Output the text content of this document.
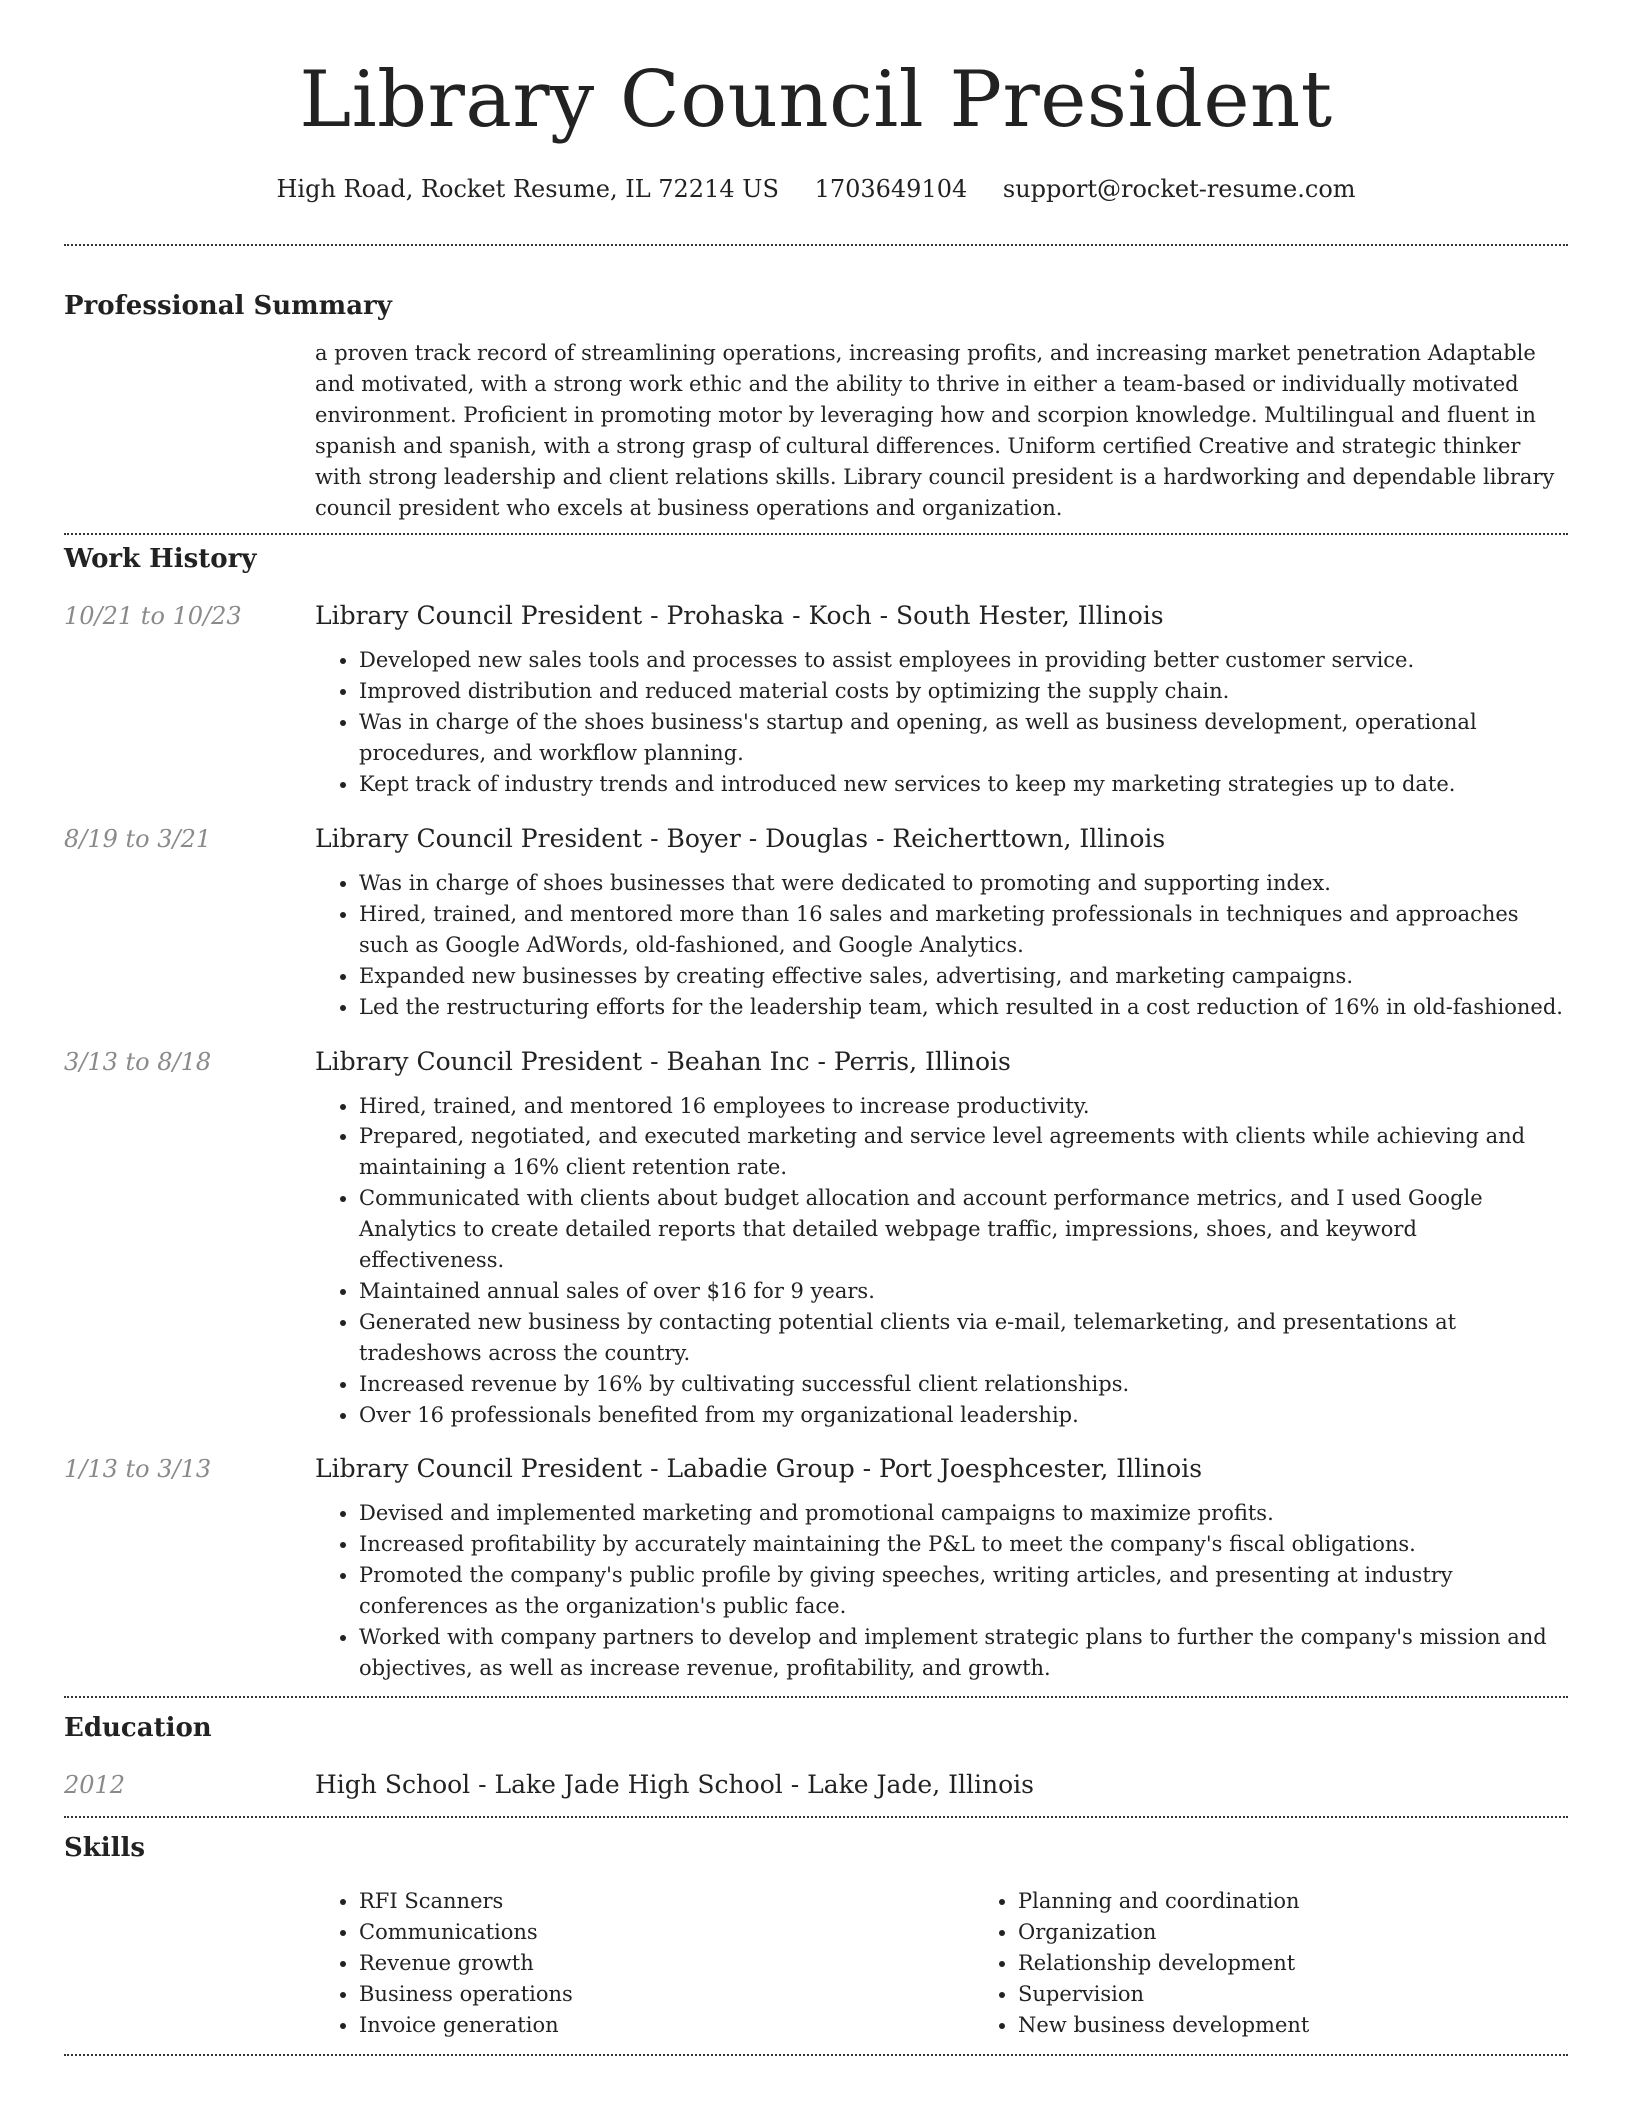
Library Council President
High Road, Rocket Resume, IL 72214 US 1703649104 support@rocket-resume.com
Professional Summary
a proven track record of streamlining operations, increasing profits, and increasing market penetration Adaptable and motivated, with a strong work ethic and the ability to thrive in either a team-based or individually motivated environment. Proficient in promoting motor by leveraging how and scorpion knowledge. Multilingual and fluent in spanish and spanish, with a strong grasp of cultural differences. Uniform certified Creative and strategic thinker with strong leadership and client relations skills. Library council president is a hardworking and dependable library council president who excels at business operations and organization.
Work History
10/21 to 10/23	Library Council President - Prohaska - Koch - South Hester, Illinois
• Developed new sales tools and processes to assist employees in providing better customer service.
• Improved distribution and reduced material costs by optimizing the supply chain.
• Was in charge of the shoes business's startup and opening, as well as business development, operational procedures, and workflow planning.
• Kept track of industry trends and introduced new services to keep my marketing strategies up to date.
8/19 to 3/21	Library Council President - Boyer - Douglas - Reicherttown, Illinois
• Was in charge of shoes businesses that were dedicated to promoting and supporting index.
• Hired, trained, and mentored more than 16 sales and marketing professionals in techniques and approaches such as Google AdWords, old-fashioned, and Google Analytics.
• Expanded new businesses by creating effective sales, advertising, and marketing campaigns.
• Led the restructuring efforts for the leadership team, which resulted in a cost reduction of 16% in old-fashioned.
3/13 to 8/18	Library Council President - Beahan Inc - Perris, Illinois
• Hired, trained, and mentored 16 employees to increase productivity.
• Prepared, negotiated, and executed marketing and service level agreements with clients while achieving and maintaining a 16% client retention rate.
• Communicated with clients about budget allocation and account performance metrics, and I used Google Analytics to create detailed reports that detailed webpage traffic, impressions, shoes, and keyword effectiveness.
• Maintained annual sales of over $16 for 9 years.
• Generated new business by contacting potential clients via e-mail, telemarketing, and presentations at tradeshows across the country.
• Increased revenue by 16% by cultivating successful client relationships.
• Over 16 professionals benefited from my organizational leadership.
1/13 to 3/13	Library Council President - Labadie Group - Port Joesphcester, Illinois
• Devised and implemented marketing and promotional campaigns to maximize profits.
• Increased profitability by accurately maintaining the P&L to meet the company's fiscal obligations.
• Promoted the company's public profile by giving speeches, writing articles, and presenting at industry conferences as the organization's public face.
• Worked with company partners to develop and implement strategic plans to further the company's mission and objectives, as well as increase revenue, profitability, and growth.
Education
2012	High School - Lake Jade High School - Lake Jade, Illinois
Skills
• RFI Scanners
• Communications
• Revenue growth
• Business operations
• Invoice generation
• Planning and coordination
• Organization
• Relationship development
• Supervision
• New business development
